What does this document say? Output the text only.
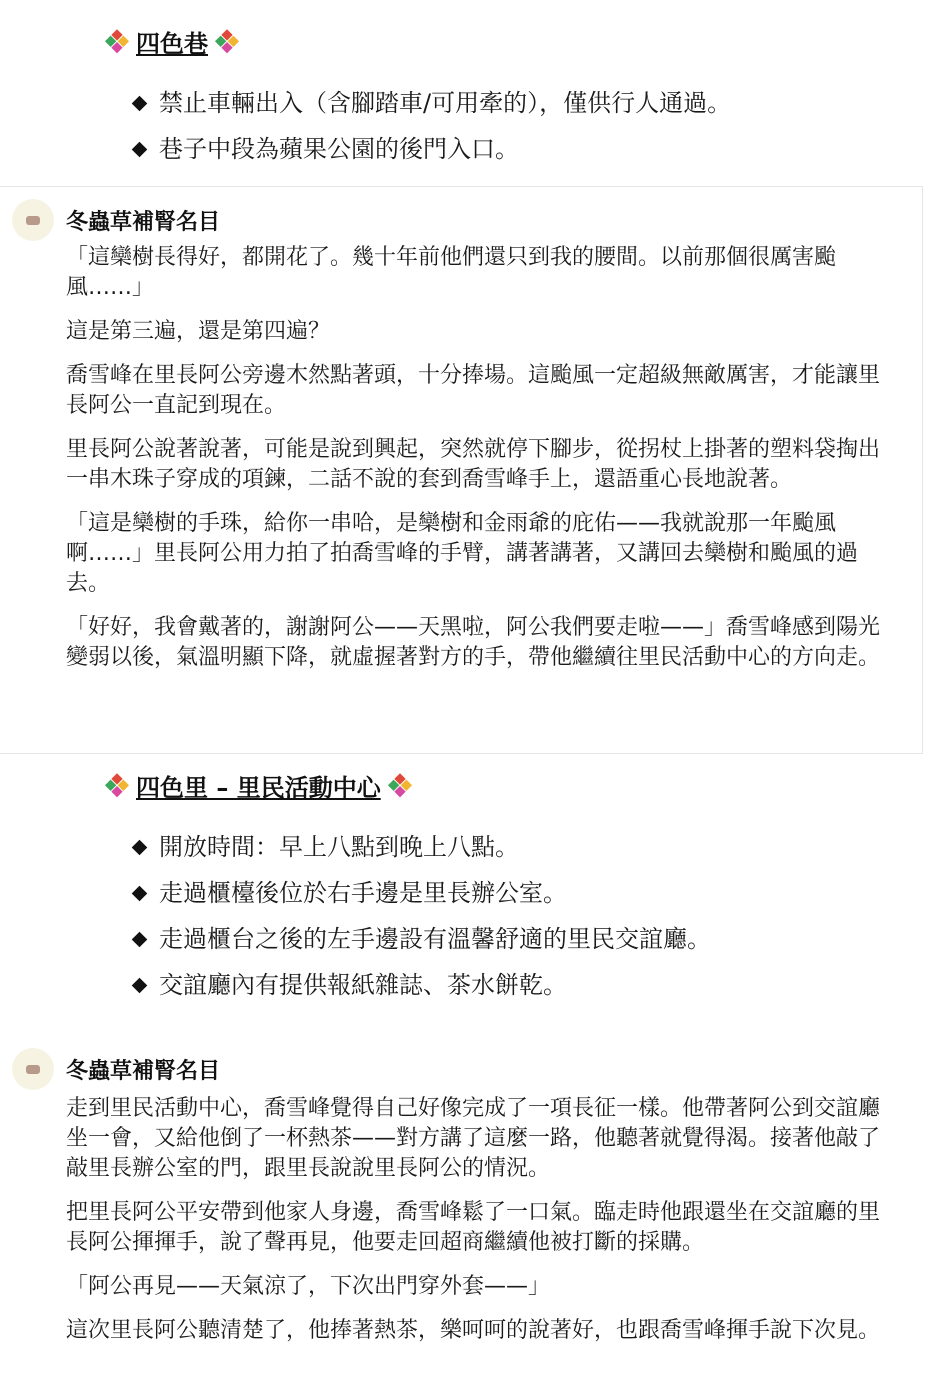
四色巷
禁止車輛出入（含腳踏車/可用牽的），僅供行人通過。
巷子中段為蘋果公園的後門入口。
冬蟲草補腎名目

「這欒樹長得好，都開花了。幾十年前他們還只到我的腰間。以前那個很厲害颱風……」

這是第三遍，還是第四遍？

喬雪峰在里長阿公旁邊木然點著頭，十分捧場。這颱風一定超級無敵厲害，才能讓里長阿公一直記到現在。

里長阿公說著說著，可能是說到興起，突然就停下腳步，從拐杖上掛著的塑料袋掏出一串木珠子穿成的項鍊，二話不說的套到喬雪峰手上，還語重心長地說著。

「這是欒樹的手珠，給你一串哈，是欒樹和金雨爺的庇佑——我就說那一年颱風啊……」里長阿公用力拍了拍喬雪峰的手臂，講著講著，又講回去欒樹和颱風的過去。

「好好，我會戴著的，謝謝阿公——天黑啦，阿公我們要走啦——」喬雪峰感到陽光變弱以後，氣溫明顯下降，就虛握著對方的手，帶他繼續往里民活動中心的方向走。

四色里 – 里民活動中心
開放時間：早上八點到晚上八點。
走過櫃檯後位於右手邊是里長辦公室。
走過櫃台之後的左手邊設有溫馨舒適的里民交誼廳。
交誼廳內有提供報紙雜誌、茶水餅乾。
冬蟲草補腎名目

走到里民活動中心，喬雪峰覺得自己好像完成了一項長征一樣。他帶著阿公到交誼廳坐一會，又給他倒了一杯熱茶——對方講了這麼一路，他聽著就覺得渴。接著他敲了敲里長辦公室的門，跟里長說說里長阿公的情況。

把里長阿公平安帶到他家人身邊，喬雪峰鬆了一口氣。臨走時他跟還坐在交誼廳的里長阿公揮揮手，說了聲再見，他要走回超商繼續他被打斷的採購。

「阿公再見——天氣涼了，下次出門穿外套——」

這次里長阿公聽清楚了，他捧著熱茶，樂呵呵的說著好，也跟喬雪峰揮手說下次見。
